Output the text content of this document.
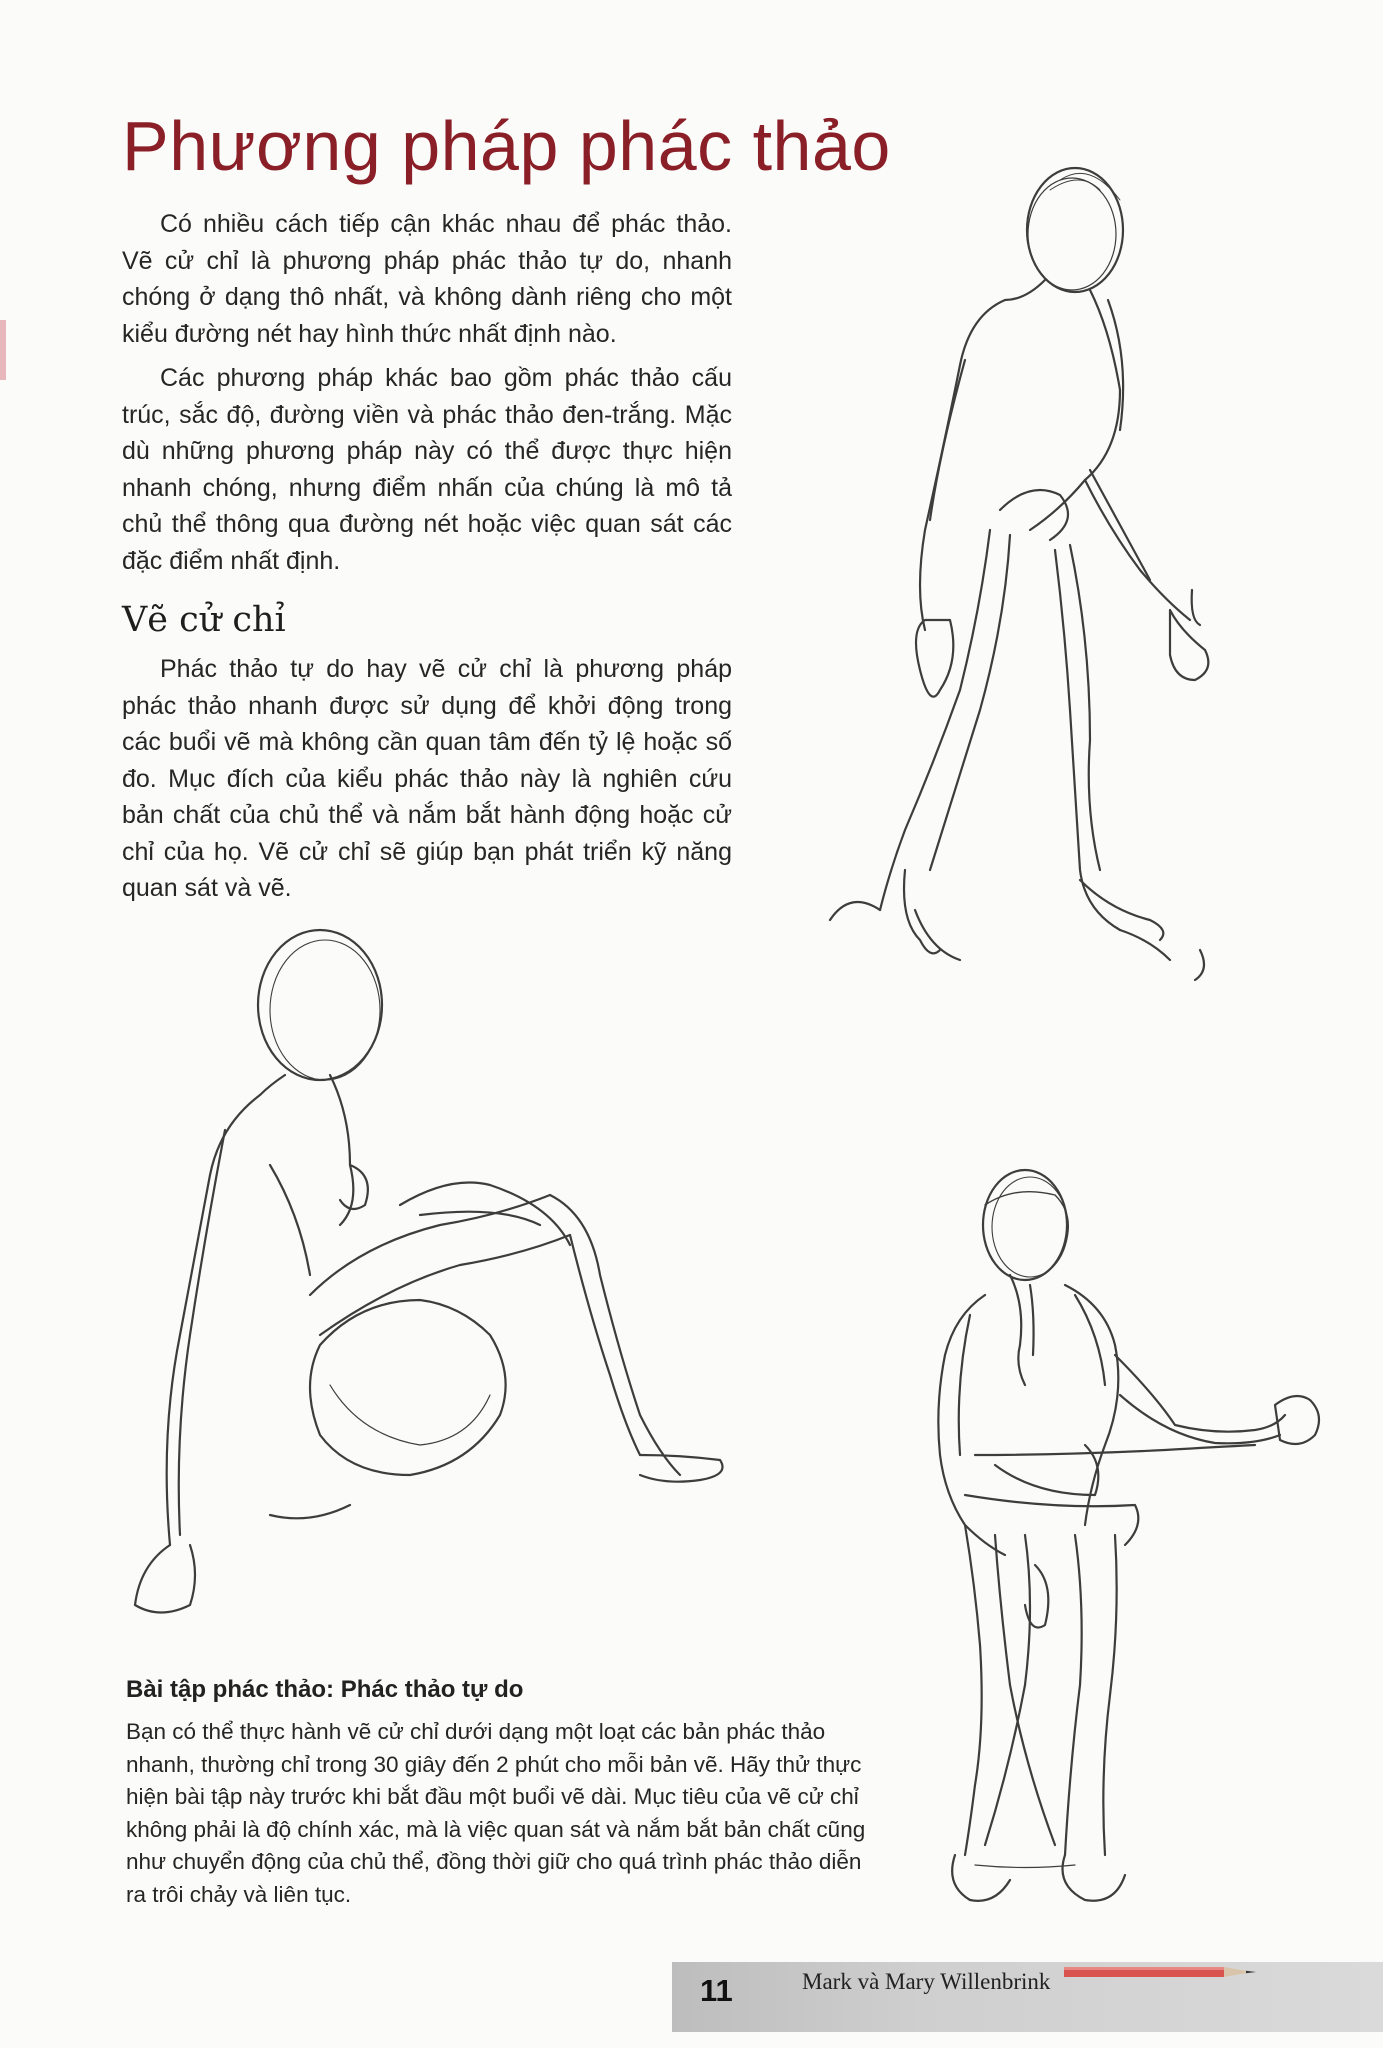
Phương pháp phác thảo

Có nhiều cách tiếp cận khác nhau để phác thảo. Vẽ cử chỉ là phương pháp phác thảo tự do, nhanh chóng ở dạng thô nhất, và không dành riêng cho một kiểu đường nét hay hình thức nhất định nào.

Các phương pháp khác bao gồm phác thảo cấu trúc, sắc độ, đường viền và phác thảo đen-trắng. Mặc dù những phương pháp này có thể được thực hiện nhanh chóng, nhưng điểm nhấn của chúng là mô tả chủ thể thông qua đường nét hoặc việc quan sát các đặc điểm nhất định.

Vẽ cử chỉ

Phác thảo tự do hay vẽ cử chỉ là phương pháp phác thảo nhanh được sử dụng để khởi động trong các buổi vẽ mà không cần quan tâm đến tỷ lệ hoặc số đo. Mục đích của kiểu phác thảo này là nghiên cứu bản chất của chủ thể và nắm bắt hành động hoặc cử chỉ của họ. Vẽ cử chỉ sẽ giúp bạn phát triển kỹ năng quan sát và vẽ.

Bài tập phác thảo: Phác thảo tự do

Bạn có thể thực hành vẽ cử chỉ dưới dạng một loạt các bản phác thảo nhanh, thường chỉ trong 30 giây đến 2 phút cho mỗi bản vẽ. Hãy thử thực hiện bài tập này trước khi bắt đầu một buổi vẽ dài. Mục tiêu của vẽ cử chỉ không phải là độ chính xác, mà là việc quan sát và nắm bắt bản chất cũng như chuyển động của chủ thể, đồng thời giữ cho quá trình phác thảo diễn ra trôi chảy và liên tục.

11	Mark và Mary Willenbrink
